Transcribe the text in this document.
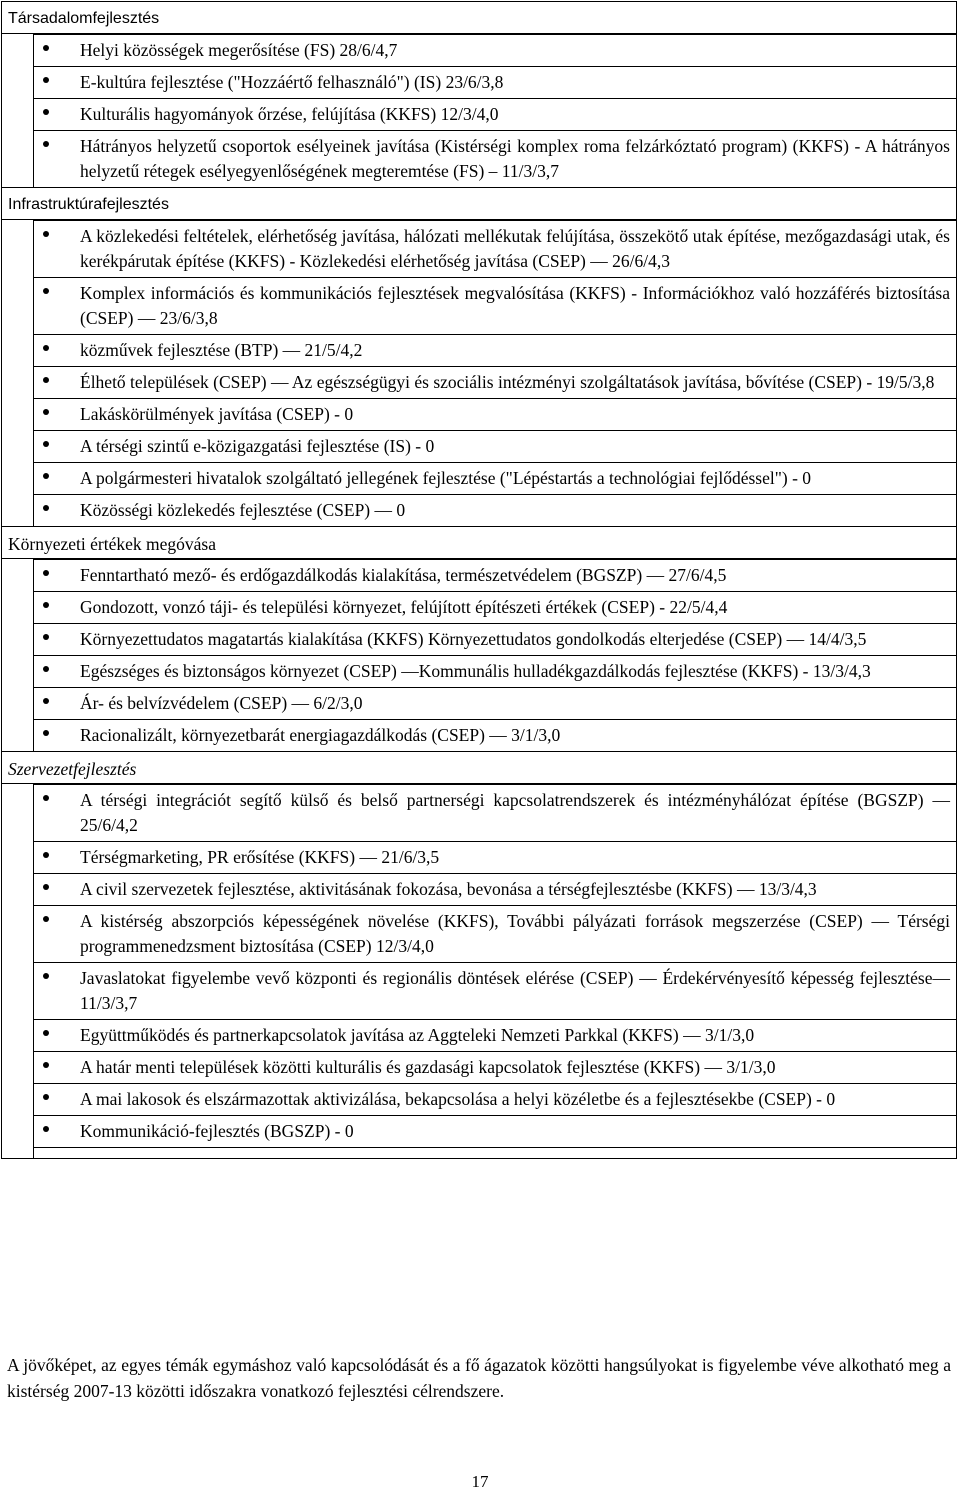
Társadalomfejlesztés
Helyi közösségek megerősítése (FS) 28/6/4,7
E-kultúra fejlesztése ("Hozzáértő felhasználó") (IS) 23/6/3,8
Kulturális hagyományok őrzése, felújítása (KKFS) 12/3/4,0
Hátrányos helyzetű csoportok esélyeinek javítása (Kistérségi komplex roma felzárkóztató program) (KKFS) - A hátrányos helyzetű rétegek esélyegyenlőségének megteremtése (FS) – 11/3/3,7
Infrastruktúrafejlesztés
A közlekedési feltételek, elérhetőség javítása, hálózati mellékutak felújítása, összekötő utak építése, mezőgazdasági utak, és kerékpárutak építése (KKFS) - Közlekedési elérhetőség javítása (CSEP) — 26/6/4,3
Komplex információs és kommunikációs fejlesztések megvalósítása (KKFS) - Információkhoz való hozzáférés biztosítása (CSEP) — 23/6/3,8
közművek fejlesztése (BTP) — 21/5/4,2
Élhető települések (CSEP) — Az egészségügyi és szociális intézményi szolgáltatások javítása, bővítése (CSEP) - 19/5/3,8
Lakáskörülmények javítása (CSEP) - 0
A térségi szintű e-közigazgatási fejlesztése (IS) - 0
A polgármesteri hivatalok szolgáltató jellegének fejlesztése ("Lépéstartás a technológiai fejlődéssel") - 0
Közösségi közlekedés fejlesztése (CSEP) — 0
Környezeti értékek megóvása
Fenntartható mező- és erdőgazdálkodás kialakítása, természetvédelem (BGSZP) — 27/6/4,5
Gondozott, vonzó táji- és települési környezet, felújított építészeti értékek (CSEP) - 22/5/4,4
Környezettudatos magatartás kialakítása (KKFS) Környezettudatos gondolkodás elterjedése (CSEP) — 14/4/3,5
Egészséges és biztonságos környezet (CSEP) —Kommunális hulladékgazdálkodás fejlesztése (KKFS) - 13/3/4,3
Ár- és belvízvédelem (CSEP) — 6/2/3,0
Racionalizált, környezetbarát energiagazdálkodás (CSEP) — 3/1/3,0
Szervezetfejlesztés
A térségi integrációt segítő külső és belső partnerségi kapcsolatrendszerek és intézményhálózat építése (BGSZP) — 25/6/4,2
Térségmarketing, PR erősítése (KKFS) — 21/6/3,5
A civil szervezetek fejlesztése, aktivitásának fokozása, bevonása a térségfejlesztésbe (KKFS) — 13/3/4,3
A kistérség abszorpciós képességének növelése (KKFS), További pályázati források megszerzése (CSEP) — Térségi programmenedzsment biztosítása (CSEP) 12/3/4,0
Javaslatokat figyelembe vevő központi és regionális döntések elérése (CSEP) — Érdekérvényesítő képesség fejlesztése— 11/3/3,7
Együttműködés és partnerkapcsolatok javítása az Aggteleki Nemzeti Parkkal (KKFS) — 3/1/3,0
A határ menti települések közötti kulturális és gazdasági kapcsolatok fejlesztése (KKFS) — 3/1/3,0
A mai lakosok és elszármazottak aktivizálása, bekapcsolása a helyi közéletbe és a fejlesztésekbe (CSEP) - 0
Kommunikáció-fejlesztés (BGSZP) - 0

A jövőképet, az egyes témák egymáshoz való kapcsolódását és a fő ágazatok közötti hangsúlyokat is figyelembe véve alkotható meg a kistérség 2007-13 közötti időszakra vonatkozó fejlesztési célrendszere.

17
